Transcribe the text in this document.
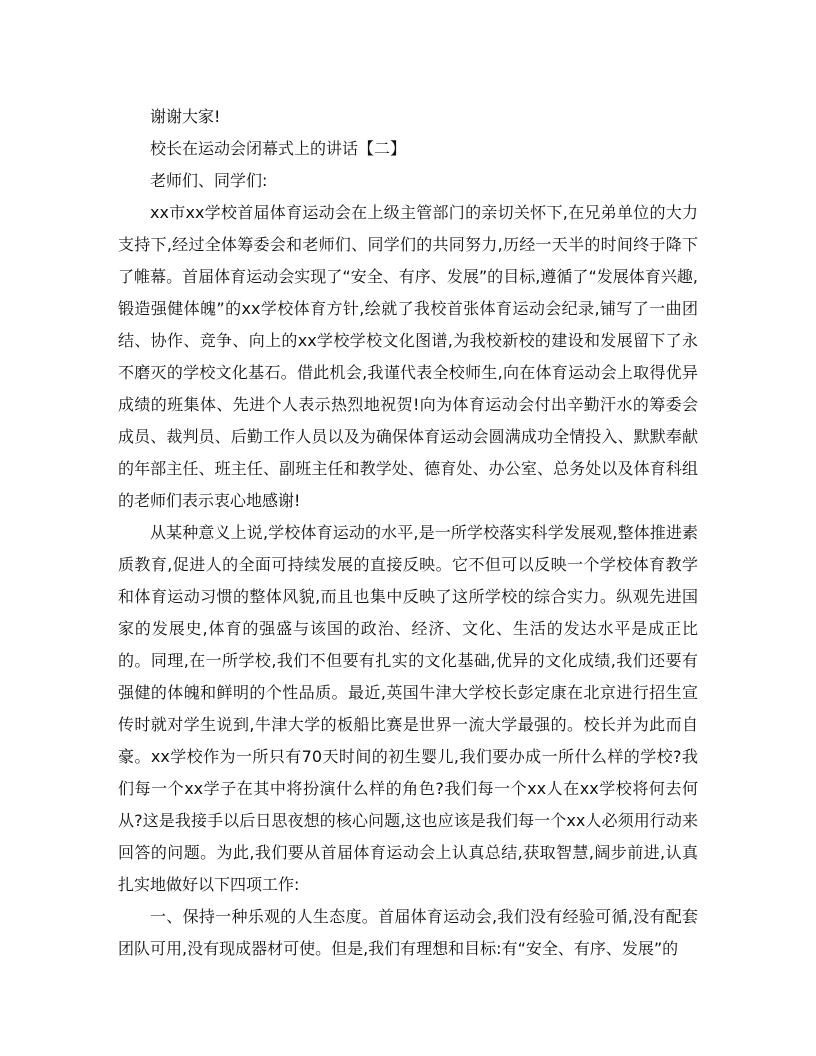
谢谢大家!

校长在运动会闭幕式上的讲话【二】

老师们、同学们:

xx市xx学校首届体育运动会在上级主管部门的亲切关怀下,在兄弟单位的大力支持下,经过全体筹委会和老师们、同学们的共同努力,历经一天半的时间终于降下了帷幕。首届体育运动会实现了“安全、有序、发展”的目标,遵循了“发展体育兴趣,锻造强健体魄”的xx学校体育方针,绘就了我校首张体育运动会纪录,铺写了一曲团结、协作、竞争、向上的xx学校学校文化图谱,为我校新校的建设和发展留下了永不磨灭的学校文化基石。借此机会,我谨代表全校师生,向在体育运动会上取得优异成绩的班集体、先进个人表示热烈地祝贺!向为体育运动会付出辛勤汗水的筹委会成员、裁判员、后勤工作人员以及为确保体育运动会圆满成功全情投入、默默奉献的年部主任、班主任、副班主任和教学处、德育处、办公室、总务处以及体育科组的老师们表示衷心地感谢!

从某种意义上说,学校体育运动的水平,是一所学校落实科学发展观,整体推进素质教育,促进人的全面可持续发展的直接反映。它不但可以反映一个学校体育教学和体育运动习惯的整体风貌,而且也集中反映了这所学校的综合实力。纵观先进国家的发展史,体育的强盛与该国的政治、经济、文化、生活的发达水平是成正比的。同理,在一所学校,我们不但要有扎实的文化基础,优异的文化成绩,我们还要有强健的体魄和鲜明的个性品质。最近,英国牛津大学校长彭定康在北京进行招生宣传时就对学生说到,牛津大学的板船比赛是世界一流大学最强的。校长并为此而自豪。xx学校作为一所只有70天时间的初生婴儿,我们要办成一所什么样的学校?我们每一个xx学子在其中将扮演什么样的角色?我们每一个xx人在xx学校将何去何从?这是我接手以后日思夜想的核心问题,这也应该是我们每一个xx人必须用行动来回答的问题。为此,我们要从首届体育运动会上认真总结,获取智慧,阔步前进,认真扎实地做好以下四项工作:

一、保持一种乐观的人生态度。首届体育运动会,我们没有经验可循,没有配套团队可用,没有现成器材可使。但是,我们有理想和目标:有“安全、有序、发展”的
